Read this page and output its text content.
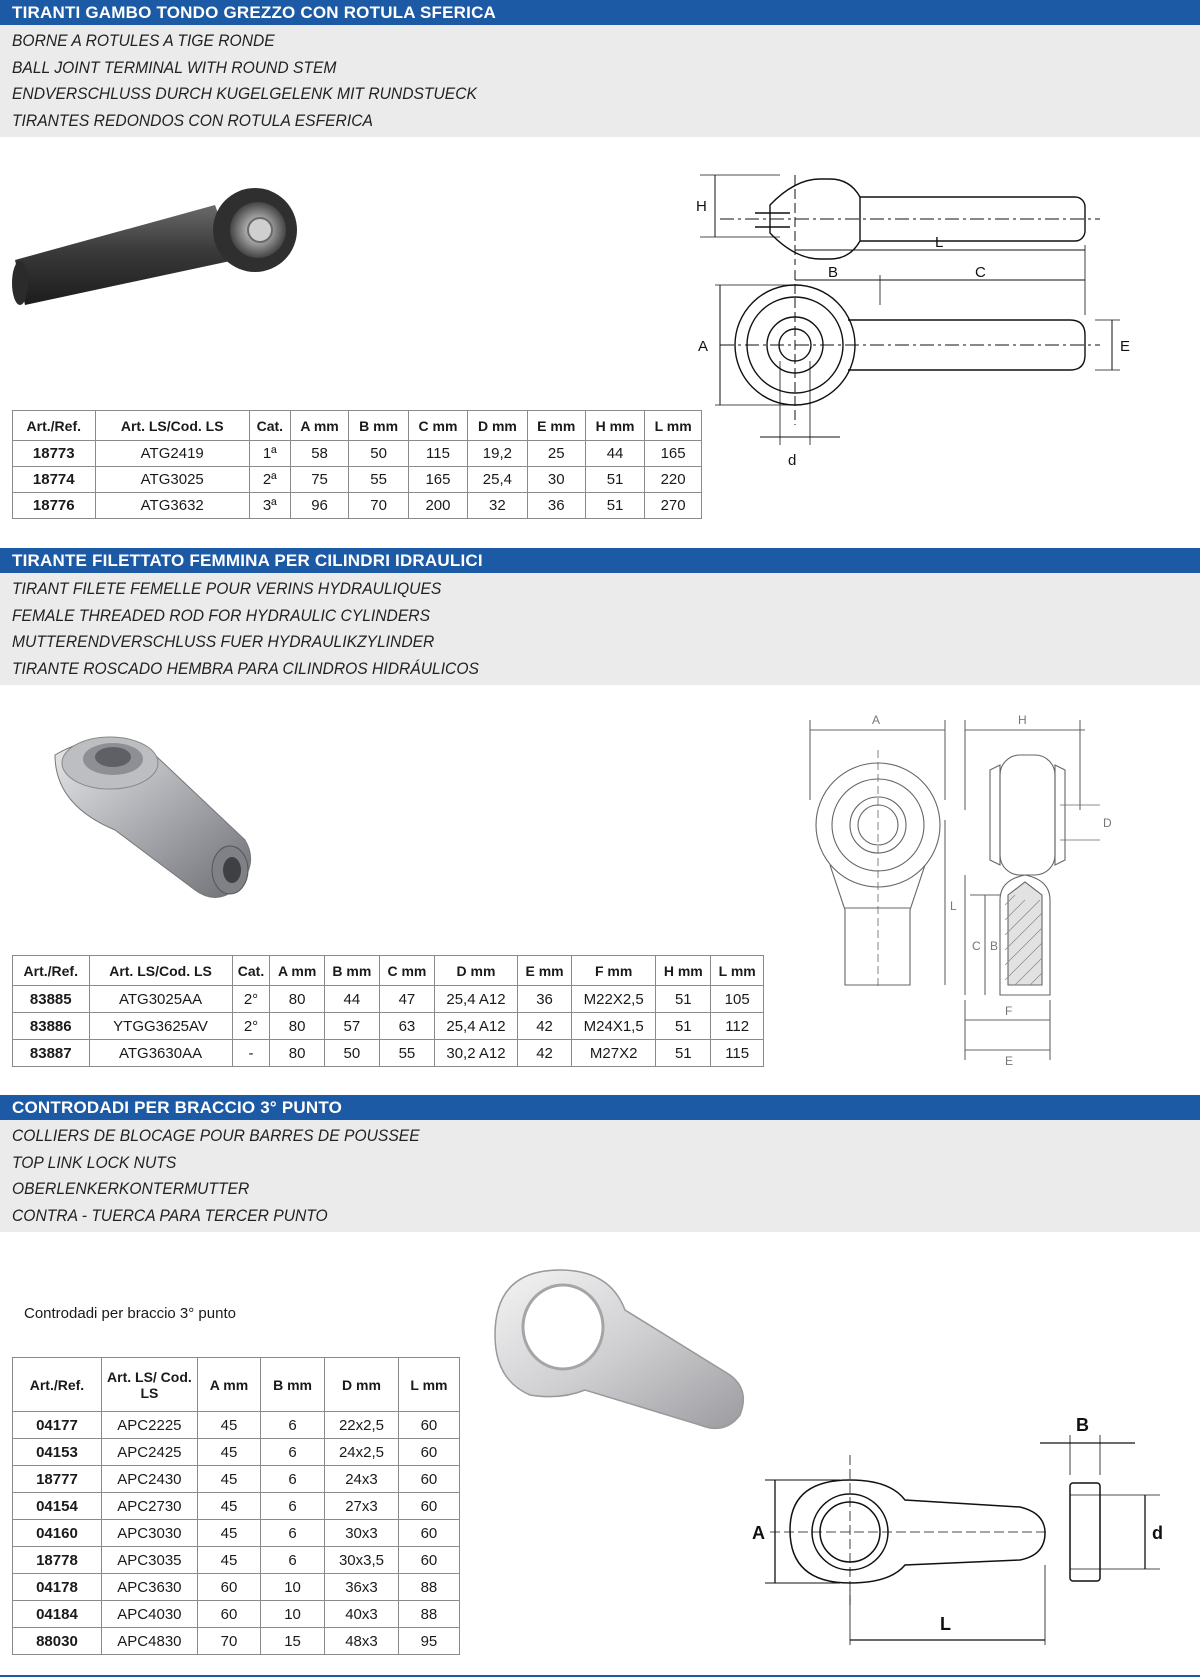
TIRANTI GAMBO TONDO GREZZO CON ROTULA SFERICA
BORNE A ROTULES A TIGE RONDE
BALL JOINT TERMINAL WITH ROUND STEM
ENDVERSCHLUSS DURCH KUGELGELENK MIT RUNDSTUECK
TIRANTES REDONDOS CON ROTULA ESFERICA
H
L
B	C
A	E
d
Art./Ref.	Art. LS/Cod. LS	Cat.	A mm	B mm	C mm	D mm	E mm	H mm	L mm
18773	ATG2419	1ª	58	50	115	19,2	25	44	165
18774	ATG3025	2ª	75	55	165	25,4	30	51	220
18776	ATG3632	3ª	96	70	200	32	36	51	270
TIRANTE FILETTATO FEMMINA PER CILINDRI IDRAULICI
TIRANT FILETE FEMELLE POUR VERINS HYDRAULIQUES
FEMALE THREADED ROD FOR HYDRAULIC CYLINDERS
MUTTERENDVERSCHLUSS FUER HYDRAULIKZYLINDER
TIRANTE ROSCADO HEMBRA PARA CILINDROS HIDRÁULICOS
A	H
D
L
C B
F
E
Art./Ref.	Art. LS/Cod. LS	Cat.	A mm	B mm	C mm	D mm	E mm	F mm	H mm	L mm
83885	ATG3025AA	2°	80	44	47	25,4 A12	36	M22X2,5	51	105
83886	YTGG3625AV	2°	80	57	63	25,4 A12	42	M24X1,5	51	112
83887	ATG3630AA	-	80	50	55	30,2 A12	42	M27X2	51	115
CONTRODADI PER BRACCIO 3° PUNTO
COLLIERS DE BLOCAGE POUR BARRES DE POUSSEE
TOP LINK LOCK NUTS
OBERLENKERKONTERMUTTER
CONTRA - TUERCA PARA TERCER PUNTO
Controdadi per braccio 3° punto
B
A	d
L
Art./Ref.	Art. LS/ Cod. LS	A mm	B mm	D mm	L mm
04177	APC2225	45	6	22x2,5	60
04153	APC2425	45	6	24x2,5	60
18777	APC2430	45	6	24x3	60
04154	APC2730	45	6	27x3	60
04160	APC3030	45	6	30x3	60
18778	APC3035	45	6	30x3,5	60
04178	APC3630	60	10	36x3	88
04184	APC4030	60	10	40x3	88
88030	APC4830	70	15	48x3	95
